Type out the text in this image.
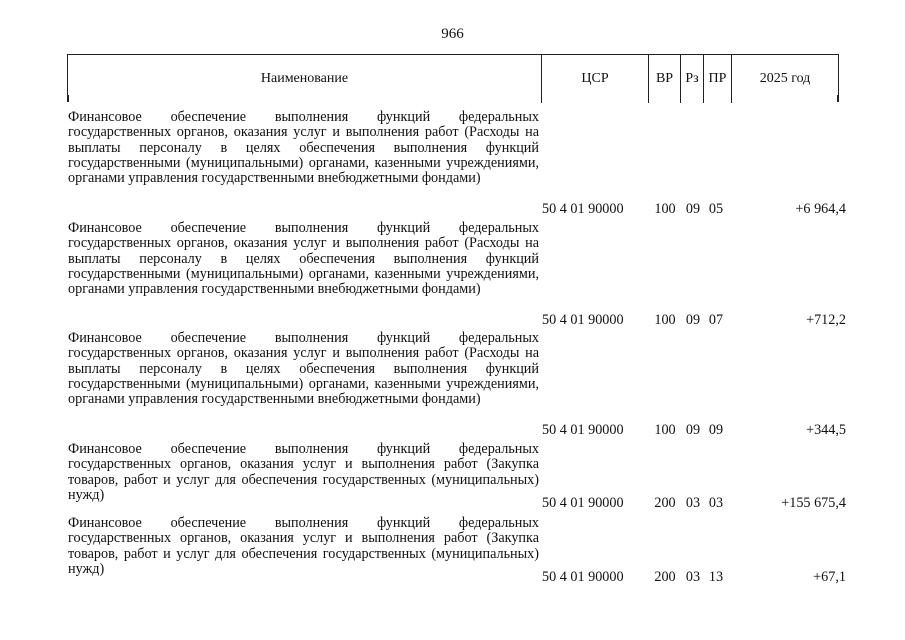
966
Наименование	ЦСР	ВР Рз ПР	2025 год
Финансовое обеспечение выполнения функций федеральных государственных органов, оказания услуг и выполнения работ (Расходы на выплаты персоналу в целях обеспечения выполнения функций государственными (муниципальными) органами, казенными учреждениями, органами управления государственными внебюджетными фондами)
50 4 01 90000	100 09 05	+6 964,4
Финансовое обеспечение выполнения функций федеральных государственных органов, оказания услуг и выполнения работ (Расходы на выплаты персоналу в целях обеспечения выполнения функций государственными (муниципальными) органами, казенными учреждениями, органами управления государственными внебюджетными фондами)
50 4 01 90000	100 09 07	+712,2
Финансовое обеспечение выполнения функций федеральных государственных органов, оказания услуг и выполнения работ (Расходы на выплаты персоналу в целях обеспечения выполнения функций государственными (муниципальными) органами, казенными учреждениями, органами управления государственными внебюджетными фондами)
50 4 01 90000	100 09 09	+344,5
Финансовое обеспечение выполнения функций федеральных государственных органов, оказания услуг и выполнения работ (Закупка товаров, работ и услуг для обеспечения государственных (муниципальных) нужд)	50 4 01 90000	200 03 03	+155 675,4
Финансовое обеспечение выполнения функций федеральных государственных органов, оказания услуг и выполнения работ (Закупка товаров, работ и услуг для обеспечения государственных (муниципальных) нужд)	50 4 01 90000	200 03 13	+67,1
